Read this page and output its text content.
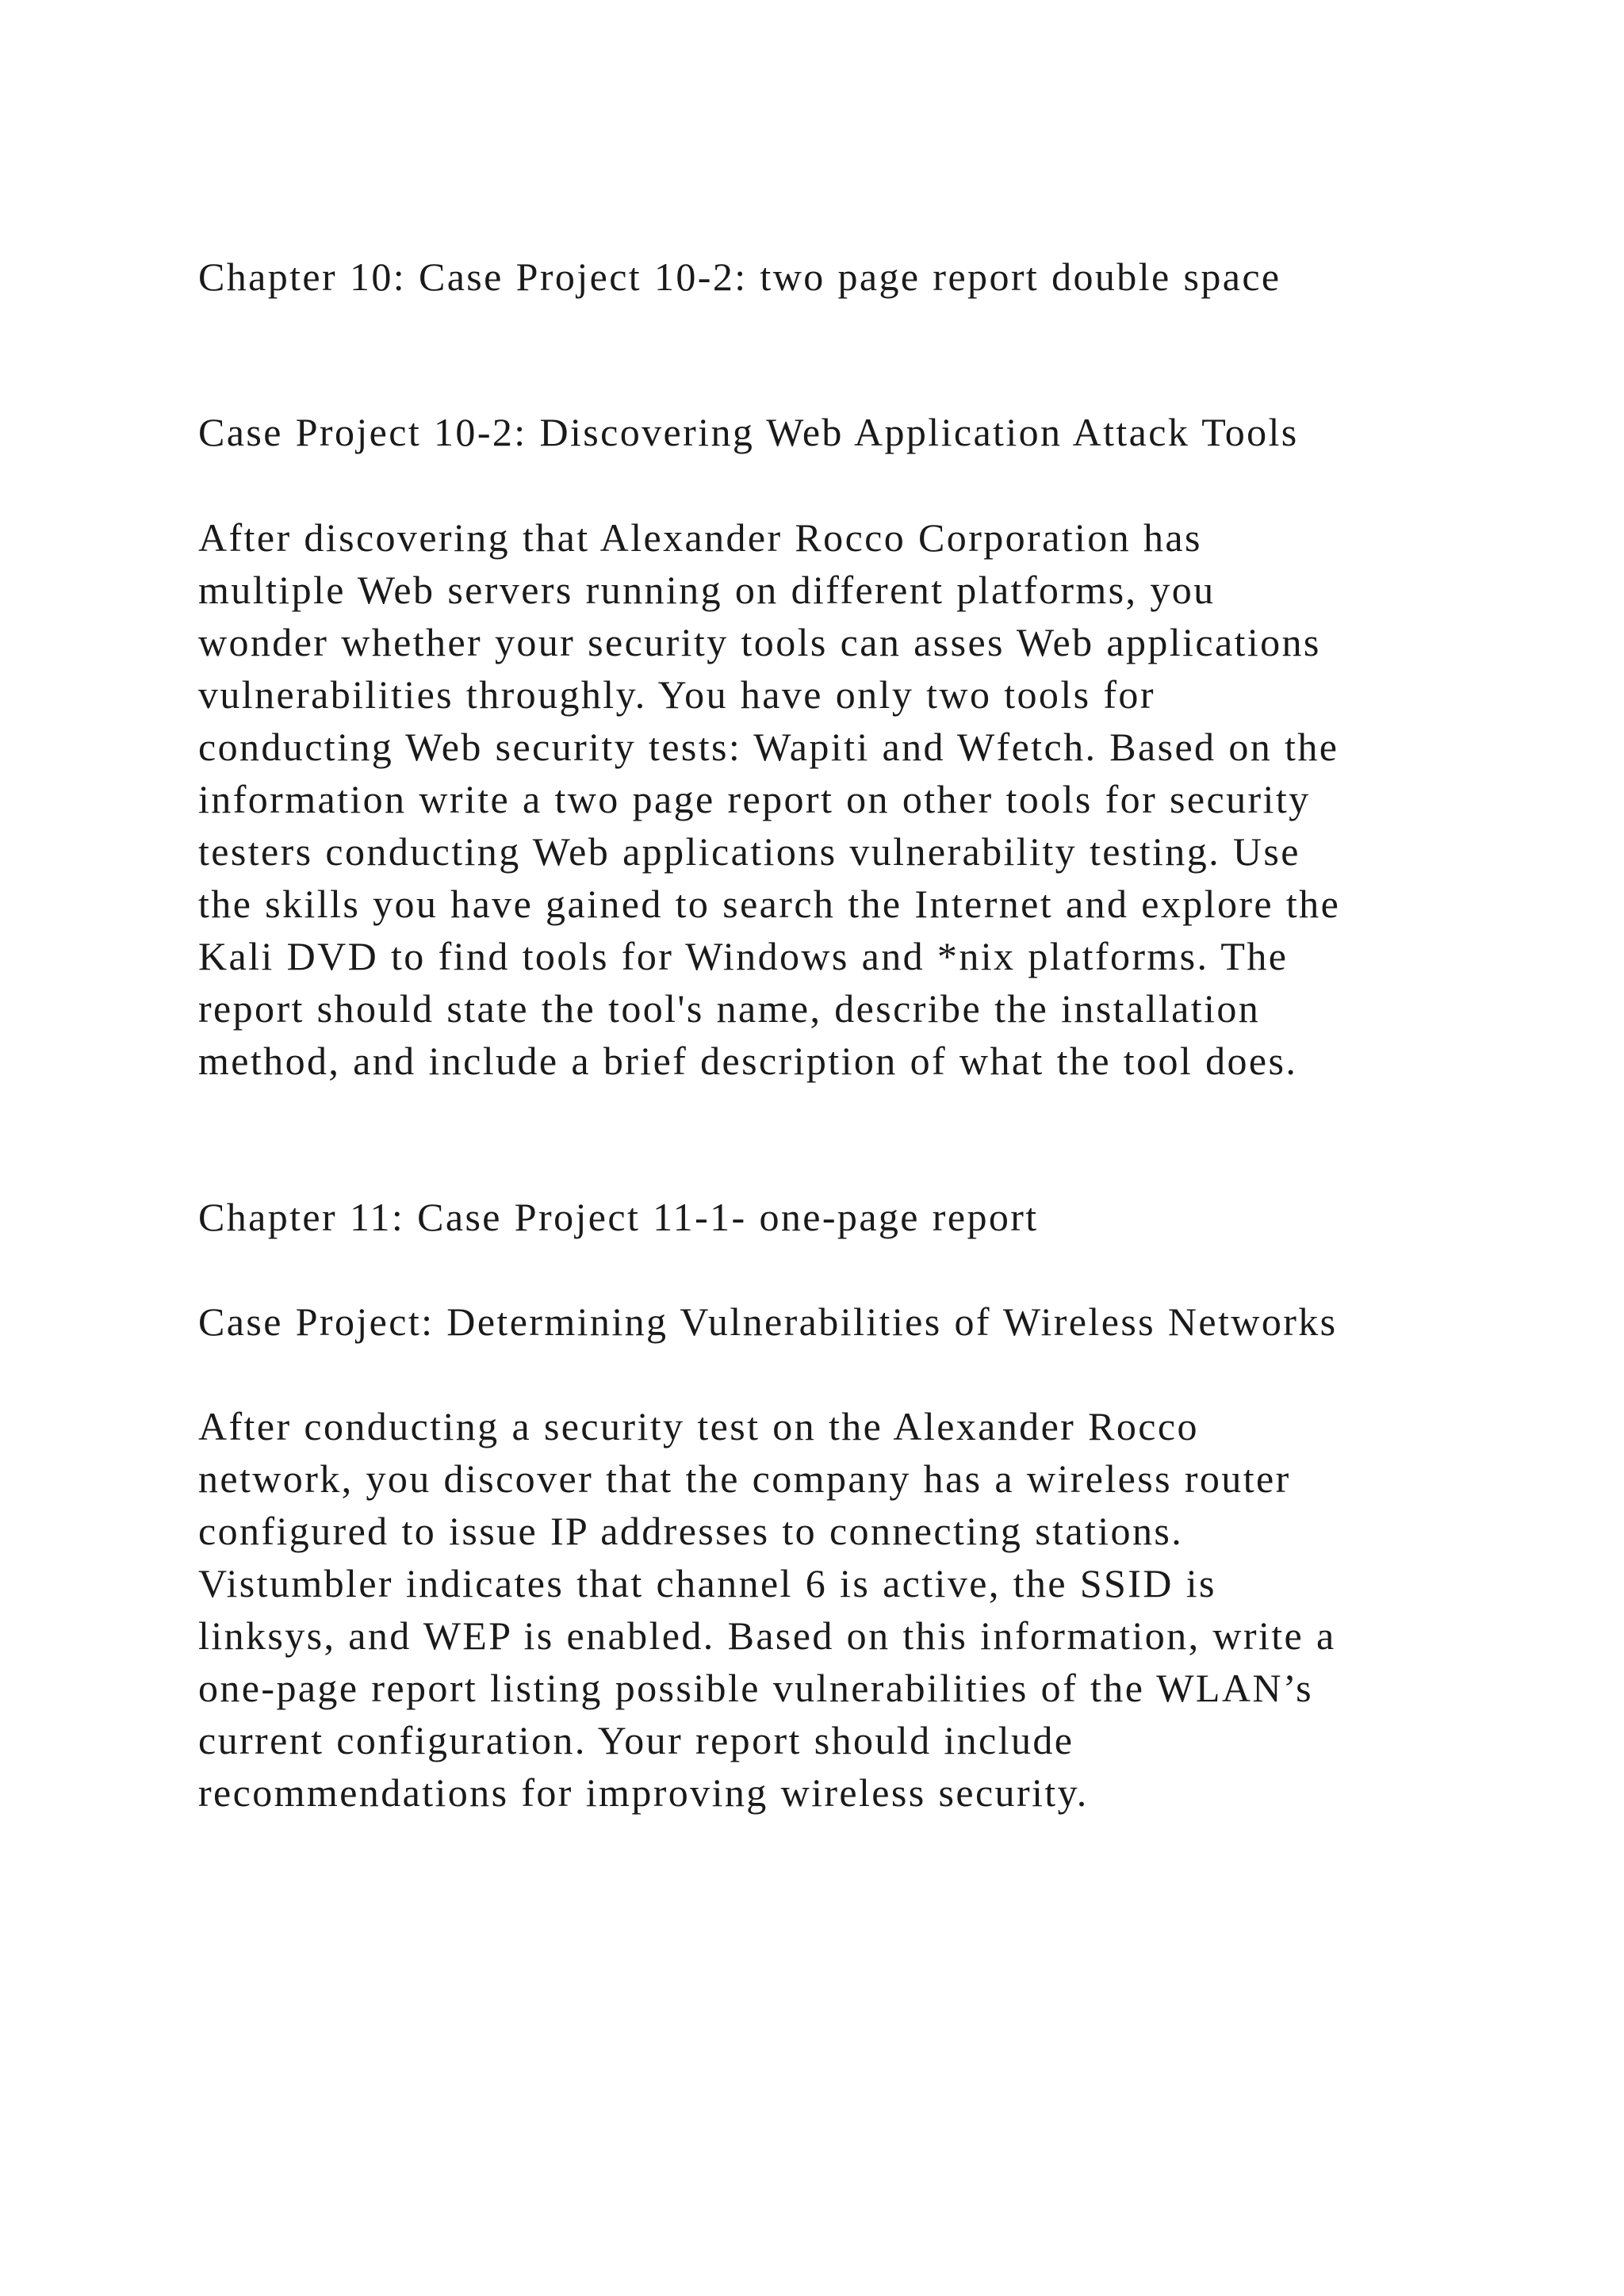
Chapter 10: Case Project 10-2: two page report double space

Case Project 10-2: Discovering Web Application Attack Tools

After discovering that Alexander Rocco Corporation has

multiple Web servers running on different platforms, you

wonder whether your security tools can asses Web applications

vulnerabilities throughly. You have only two tools for

conducting Web security tests: Wapiti and Wfetch. Based on the

information write a two page report on other tools for security

testers conducting Web applications vulnerability testing. Use

the skills you have gained to search the Internet and explore the

Kali DVD to find tools for Windows and *nix platforms. The

report should state the tool's name, describe the installation

method, and include a brief description of what the tool does.

Chapter 11: Case Project 11-1- one-page report

Case Project: Determining Vulnerabilities of Wireless Networks

After conducting a security test on the Alexander Rocco

network, you discover that the company has a wireless router

configured to issue IP addresses to connecting stations.

Vistumbler indicates that channel 6 is active, the SSID is

linksys, and WEP is enabled. Based on this information, write a

one-page report listing possible vulnerabilities of the WLAN’s

current configuration. Your report should include

recommendations for improving wireless security.
